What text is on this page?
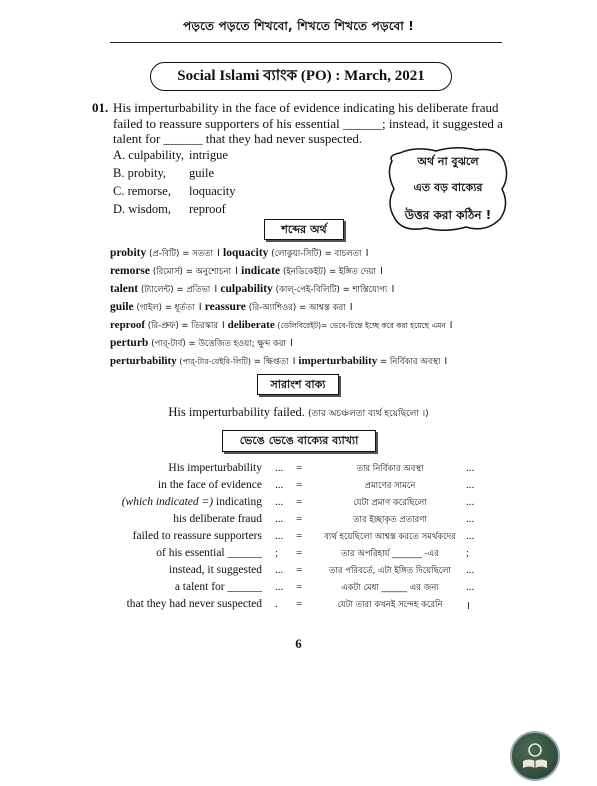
পড়তে পড়তে শিখবো, শিখতে শিখতে পড়বো !
Social Islami ব্যাংক (PO) : March, 2021
01. His imperturbability in the face of evidence indicating his deliberate fraud failed to reassure supporters of his essential ______; instead, it suggested a talent for ______ that they had never suspected.
A. culpability, intrigue
B. probity, guile
C. remorse, loquacity
D. wisdom, reproof
অর্থ না বুঝলে
এত বড় বাক্যের
উত্তর করা কঠিন !
শব্দের অর্থ
probity (প্র-বিটি) = সততা । loquacity (লোকুয়া-সিটি) = বাচলতা ।
remorse (রিমোর্স) = অনুশোচনা । indicate (ইনডিকেইট) = ইঙ্গিত দেয়া ।
talent (ট্যালেন্ট) = প্রতিভা । culpability (কাল্-পেই-বিলিটি) = শাস্তিযোগ্য ।
guile (গাইল) = ধূর্ততা । reassure (রি-অ্যাশিওর) = আশ্বস্ত করা ।
reproof (রি-প্রুফ) = তিরস্কার । deliberate (ডেলিবিরেইট)= ভেবে-চিন্তে ইচ্ছে করে করা হয়েছে এমন ।
perturb (পার্-টার্ব) = উত্তেজিত হওয়া; ক্ষুব্দ করা ।
perturbability (পার্-টার-বেইবি-লিটি) = ক্ষিপ্ততা । imperturbability = নির্বিকার অবস্থা ।
সারাংশ বাক্য
His imperturbability failed. (তার অচঞ্চলতা ব্যর্থ হয়েছিলো ।)
ভেঙে ভেঙে বাক্যের ব্যাখ্যা
His imperturbability ... =	তার নির্বিকার অবস্থা	...
in the face of evidence ... =	প্রমাণের সামনে	...
(which indicated =) indicating ... =	যেটা প্রমাণ করেছিলো	...
his deliberate fraud ... =	তার ইচ্ছাকৃত প্রতারণা	...
failed to reassure supporters ... =	ব্যর্থ হয়েছিলো আশ্বস্ত করতে সমর্থকদের ...
of his essential ______ ; =	তার অপরিহার্য _______ -এর	;
instead, it suggested ... =	তার পরিবর্তে, এটা ইঙ্গিত দিয়েছিলো	...
a talent for ______ ... =	একটা মেধা ______ এর জন্য	...
that they had never suspected . =	যেটা তারা কখনই সন্দেহ করেনি	।
6
